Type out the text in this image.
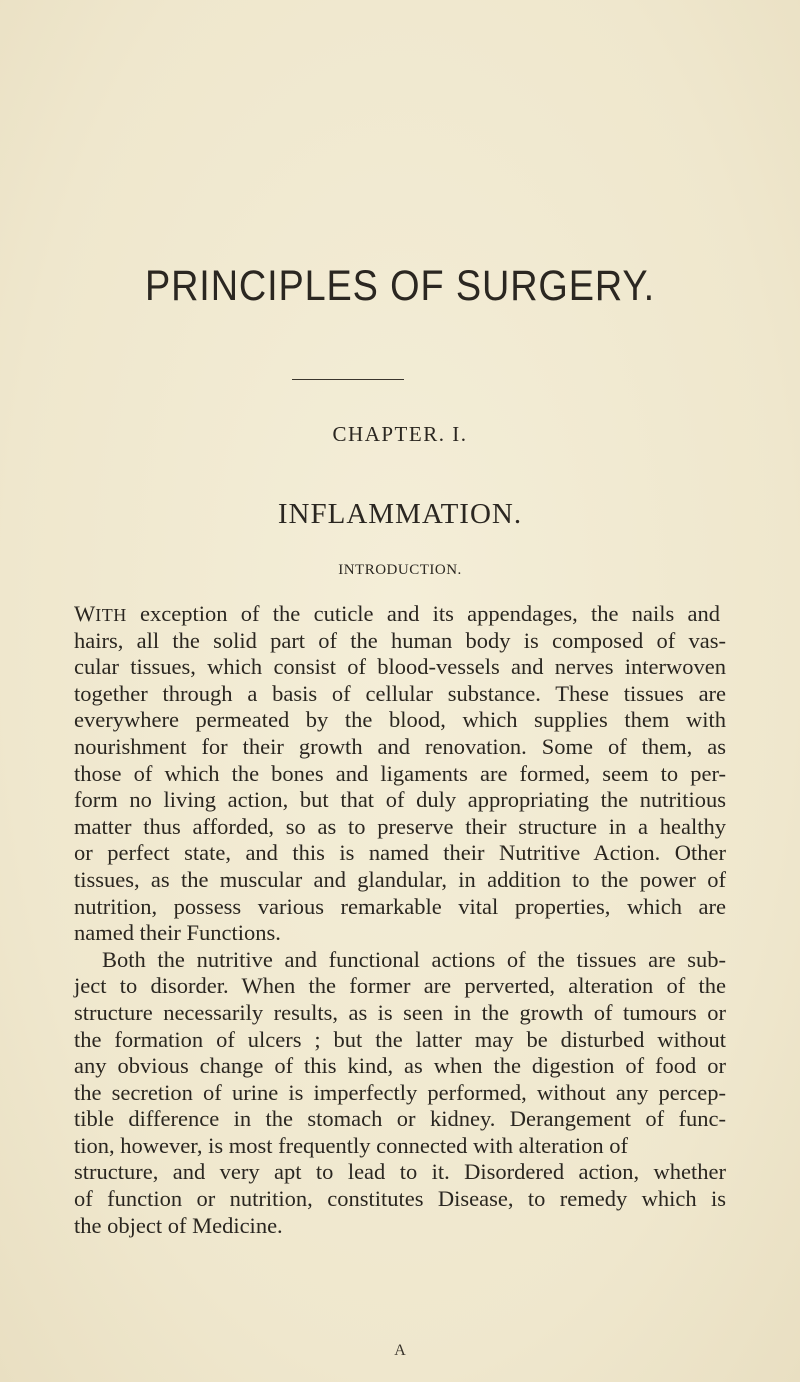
PRINCIPLES OF SURGERY.
CHAPTER. I.
INFLAMMATION.
INTRODUCTION.
WITH exception of the cuticle and its appendages, the nails and
hairs, all the solid part of the human body is composed of vas-
cular tissues, which consist of blood-vessels and nerves interwoven
together through a basis of cellular substance. These tissues are
everywhere permeated by the blood, which supplies them with
nourishment for their growth and renovation. Some of them, as
those of which the bones and ligaments are formed, seem to per-
form no living action, but that of duly appropriating the nutritious
matter thus afforded, so as to preserve their structure in a healthy
or perfect state, and this is named their Nutritive Action. Other
tissues, as the muscular and glandular, in addition to the power of
nutrition, possess various remarkable vital properties, which are
named their Functions.
Both the nutritive and functional actions of the tissues are sub-
ject to disorder. When the former are perverted, alteration of the
structure necessarily results, as is seen in the growth of tumours or
the formation of ulcers ; but the latter may be disturbed without
any obvious change of this kind, as when the digestion of food or
the secretion of urine is imperfectly performed, without any percep-
tible difference in the stomach or kidney. Derangement of func-
tion, however, is most frequently connected with alteration of
structure, and very apt to lead to it. Disordered action, whether
of function or nutrition, constitutes Disease, to remedy which is
the object of Medicine.
A
